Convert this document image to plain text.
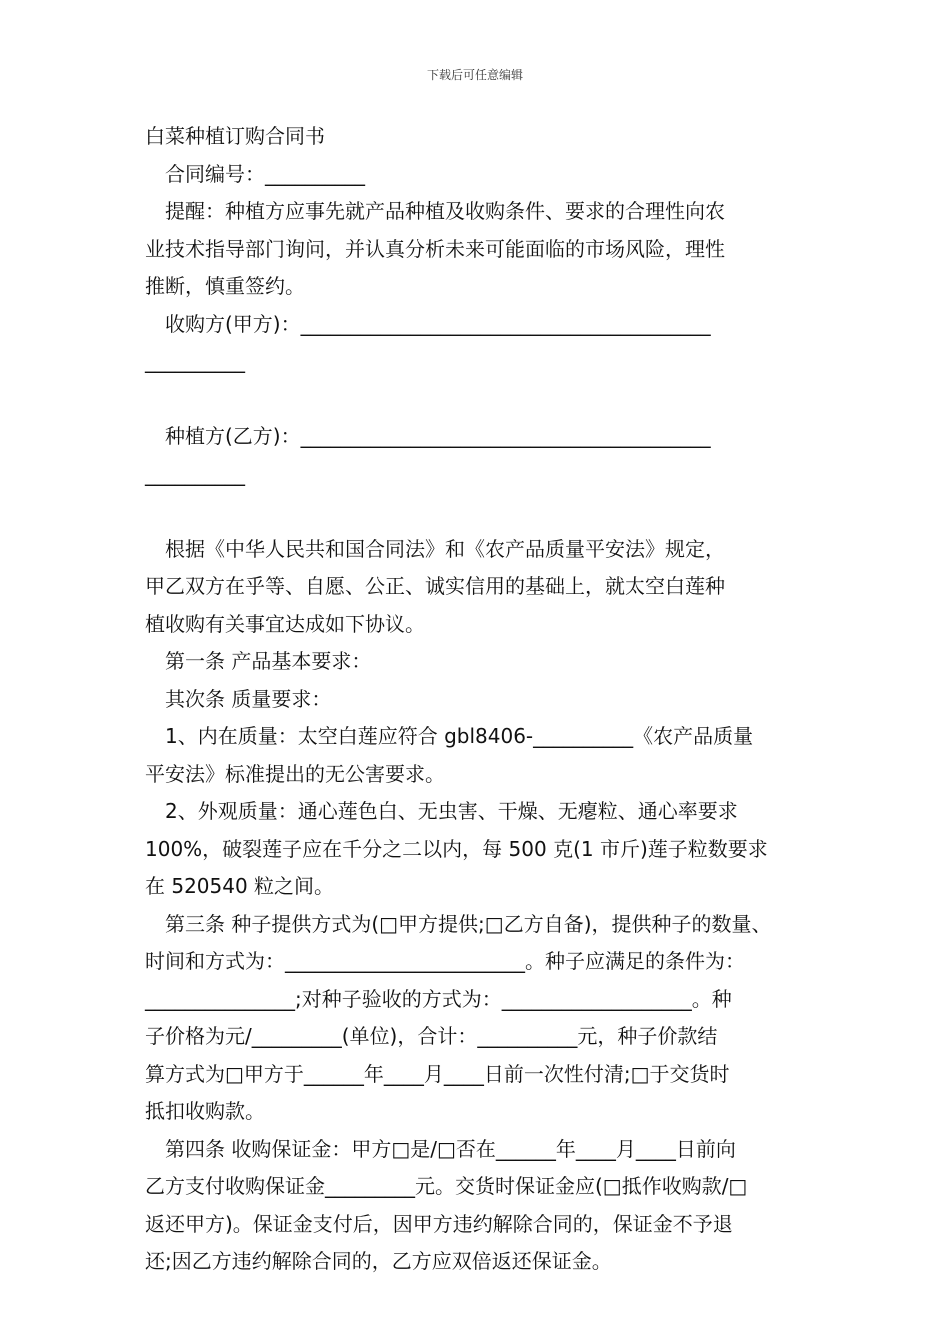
下载后可任意编辑
白菜种植订购合同书
合同编号：__________
提醒：种植方应事先就产品种植及收购条件、要求的合理性向农
业技术指导部门询问，并认真分析未来可能面临的市场风险，理性
推断，慎重签约。
收购方(甲方)：_________________________________________
__________

种植方(乙方)：_________________________________________
__________

根据《中华人民共和国合同法》和《农产品质量平安法》规定，
甲乙双方在乎等、自愿、公正、诚实信用的基础上，就太空白莲种
植收购有关事宜达成如下协议。
第一条 产品基本要求：
其次条 质量要求：
1、内在质量：太空白莲应符合 gbl8406-__________《农产品质量
平安法》标准提出的无公害要求。
2、外观质量：通心莲色白、无虫害、干燥、无瘪粒、通心率要求
100%，破裂莲子应在千分之二以内，每 500 克(1 市斤)莲子粒数要求
在 520540 粒之间。
第三条 种子提供方式为(□甲方提供;□乙方自备)，提供种子的数量、
时间和方式为：________________________。种子应满足的条件为：
_______________;对种子验收的方式为：___________________。种
子价格为元/_________(单位)，合计：__________元，种子价款结
算方式为□甲方于______年____月____日前一次性付清;□于交货时
抵扣收购款。
第四条 收购保证金：甲方□是/□否在______年____月____日前向
乙方支付收购保证金_________元。交货时保证金应(□抵作收购款/□
返还甲方)。保证金支付后，因甲方违约解除合同的，保证金不予退
还;因乙方违约解除合同的，乙方应双倍返还保证金。
